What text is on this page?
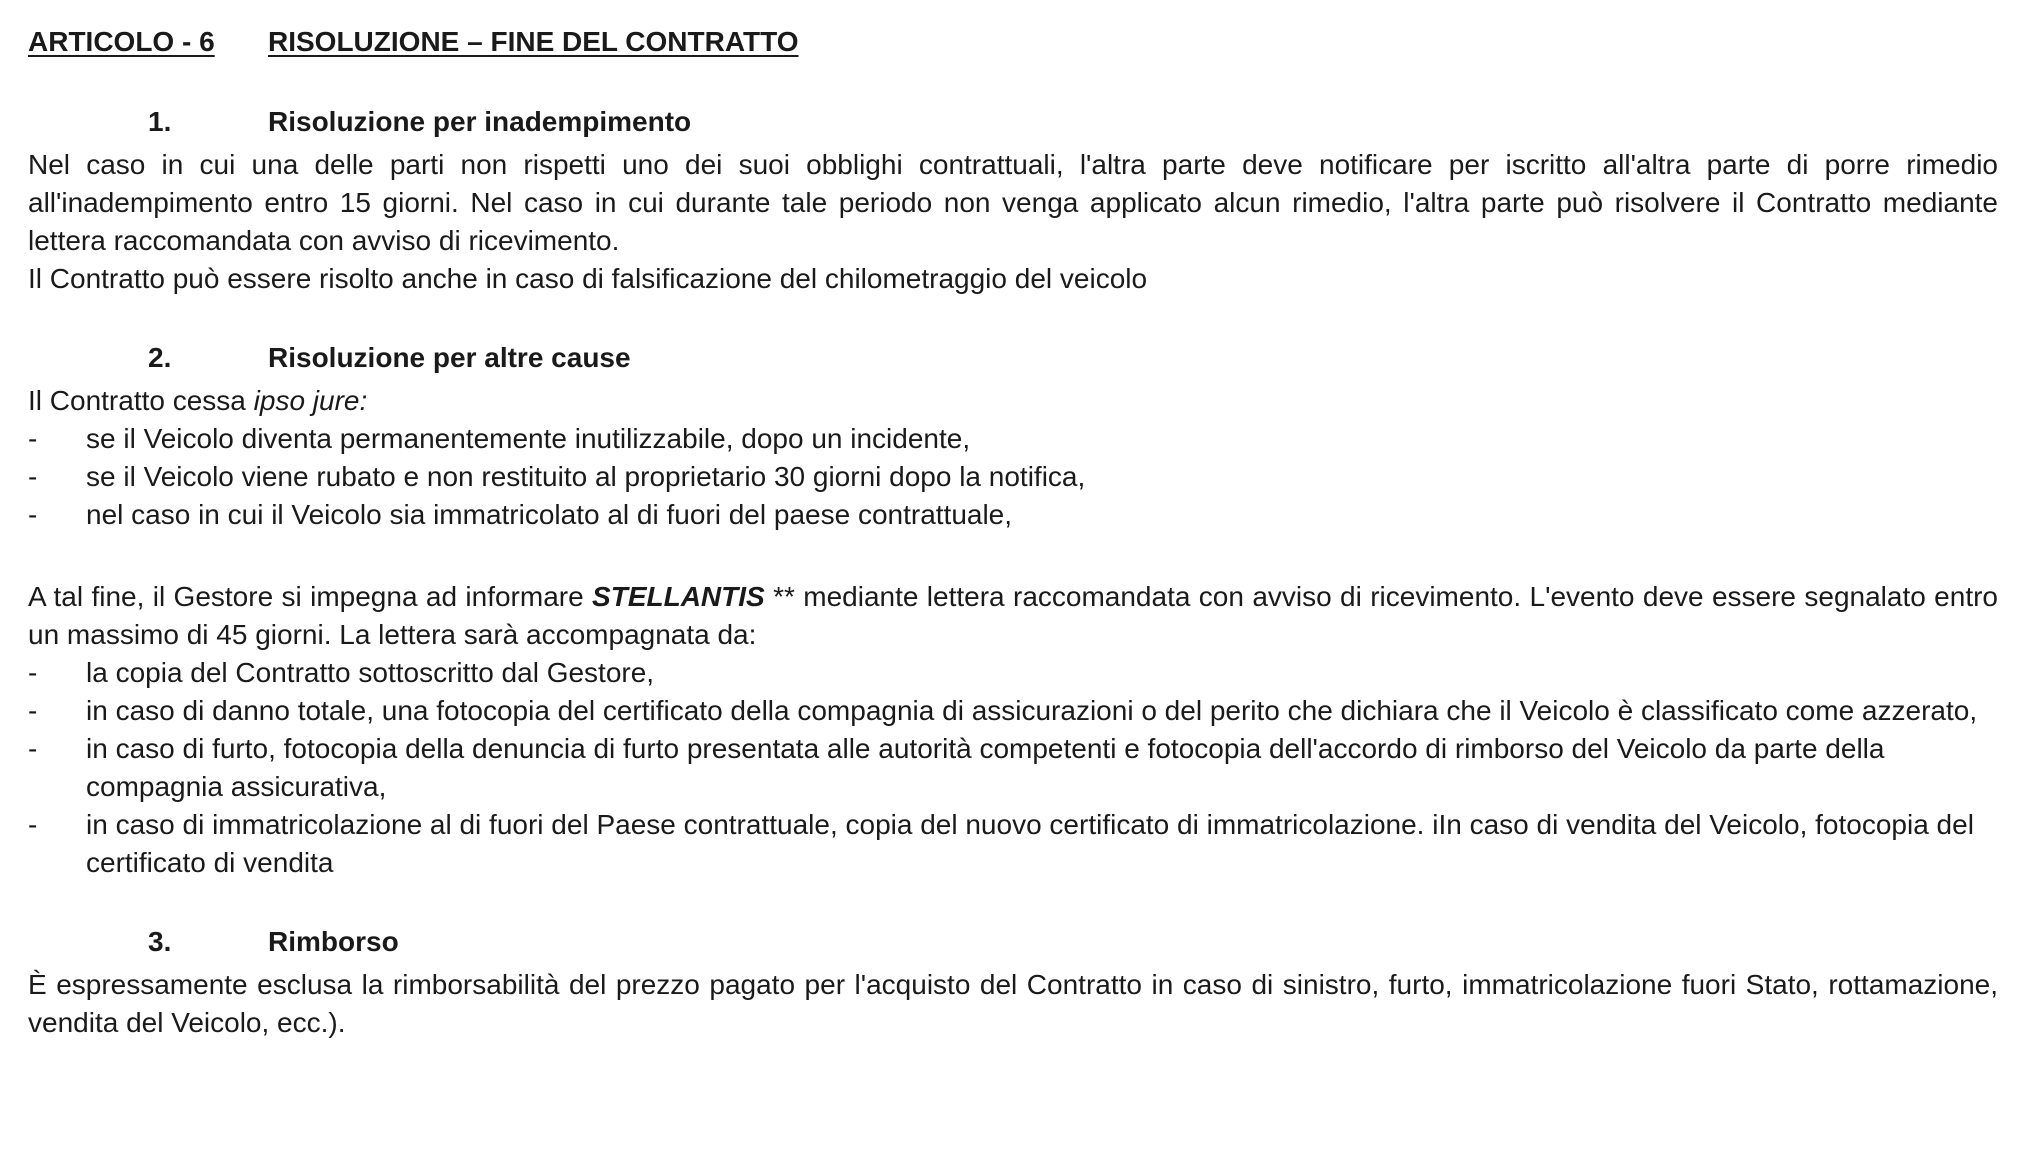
ARTICOLO - 6	RISOLUZIONE – FINE DEL CONTRATTO
1.	Risoluzione per inadempimento

Nel caso in cui una delle parti non rispetti uno dei suoi obblighi contrattuali, l'altra parte deve notificare per iscritto all'altra parte di porre rimedio all'inadempimento entro 15 giorni. Nel caso in cui durante tale periodo non venga applicato alcun rimedio, l'altra parte può risolvere il Contratto mediante lettera raccomandata con avviso di ricevimento.

Il Contratto può essere risolto anche in caso di falsificazione del chilometraggio del veicolo

2.	Risoluzione per altre cause

Il Contratto cessa ipso jure:

- se il Veicolo diventa permanentemente inutilizzabile, dopo un incidente,
- se il Veicolo viene rubato e non restituito al proprietario 30 giorni dopo la notifica,
- nel caso in cui il Veicolo sia immatricolato al di fuori del paese contrattuale,

A tal fine, il Gestore si impegna ad informare STELLANTIS ** mediante lettera raccomandata con avviso di ricevimento. L'evento deve essere segnalato entro un massimo di 45 giorni. La lettera sarà accompagnata da:

- la copia del Contratto sottoscritto dal Gestore,
- in caso di danno totale, una fotocopia del certificato della compagnia di assicurazioni o del perito che dichiara che il Veicolo è classificato come azzerato,
- in caso di furto, fotocopia della denuncia di furto presentata alle autorità competenti e fotocopia dell'accordo di rimborso del Veicolo da parte della compagnia assicurativa,
- in caso di immatricolazione al di fuori del Paese contrattuale, copia del nuovo certificato di immatricolazione. iIn caso di vendita del Veicolo, fotocopia del certificato di vendita
3.	Rimborso

È espressamente esclusa la rimborsabilità del prezzo pagato per l'acquisto del Contratto in caso di sinistro, furto, immatricolazione fuori Stato, rottamazione, vendita del Veicolo, ecc.).
